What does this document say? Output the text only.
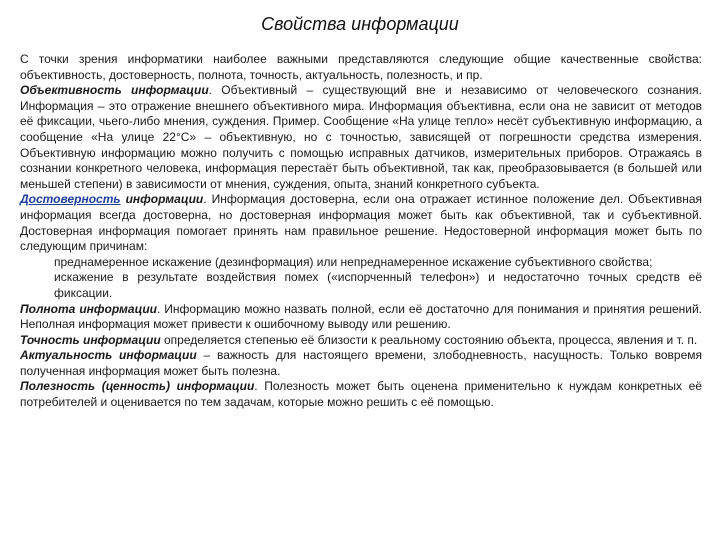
Свойства информации

С точки зрения информатики наиболее важными представляются следующие общие качественные свойства: объективность, достоверность, полнота, точность, актуальность, полезность, и пр.

Объективность информации. Объективный – существующий вне и независимо от человеческого сознания. Информация – это отражение внешнего объективного мира. Информация объективна, если она не зависит от методов её фиксации, чьего-либо мнения, суждения. Пример. Сообщение «На улице тепло» несёт субъективную информацию, а сообщение «На улице 22°С» – объективную, но с точностью, зависящей от погрешности средства измерения. Объективную информацию можно получить с помощью исправных датчиков, измерительных приборов. Отражаясь в сознании конкретного человека, информация перестаёт быть объективной, так как, преобразовывается (в большей или меньшей степени) в зависимости от мнения, суждения, опыта, знаний конкретного субъекта.

Достоверность информации. Информация достоверна, если она отражает истинное положение дел. Объективная информация всегда достоверна, но достоверная информация может быть как объективной, так и субъективной. Достоверная информация помогает принять нам правильное решение. Недостоверной информация может быть по следующим причинам:

преднамеренное искажение (дезинформация) или непреднамеренное искажение субъективного свойства;

искажение в результате воздействия помех («испорченный телефон») и недостаточно точных средств её фиксации.

Полнота информации. Информацию можно назвать полной, если её достаточно для понимания и принятия решений. Неполная информация может привести к ошибочному выводу или решению.

Точность информации определяется степенью её близости к реальному состоянию объекта, процесса, явления и т. п.

Актуальность информации – важность для настоящего времени, злободневность, насущность. Только вовремя полученная информация может быть полезна.

Полезность (ценность) информации. Полезность может быть оценена применительно к нуждам конкретных её потребителей и оценивается по тем задачам, которые можно решить с её помощью.
